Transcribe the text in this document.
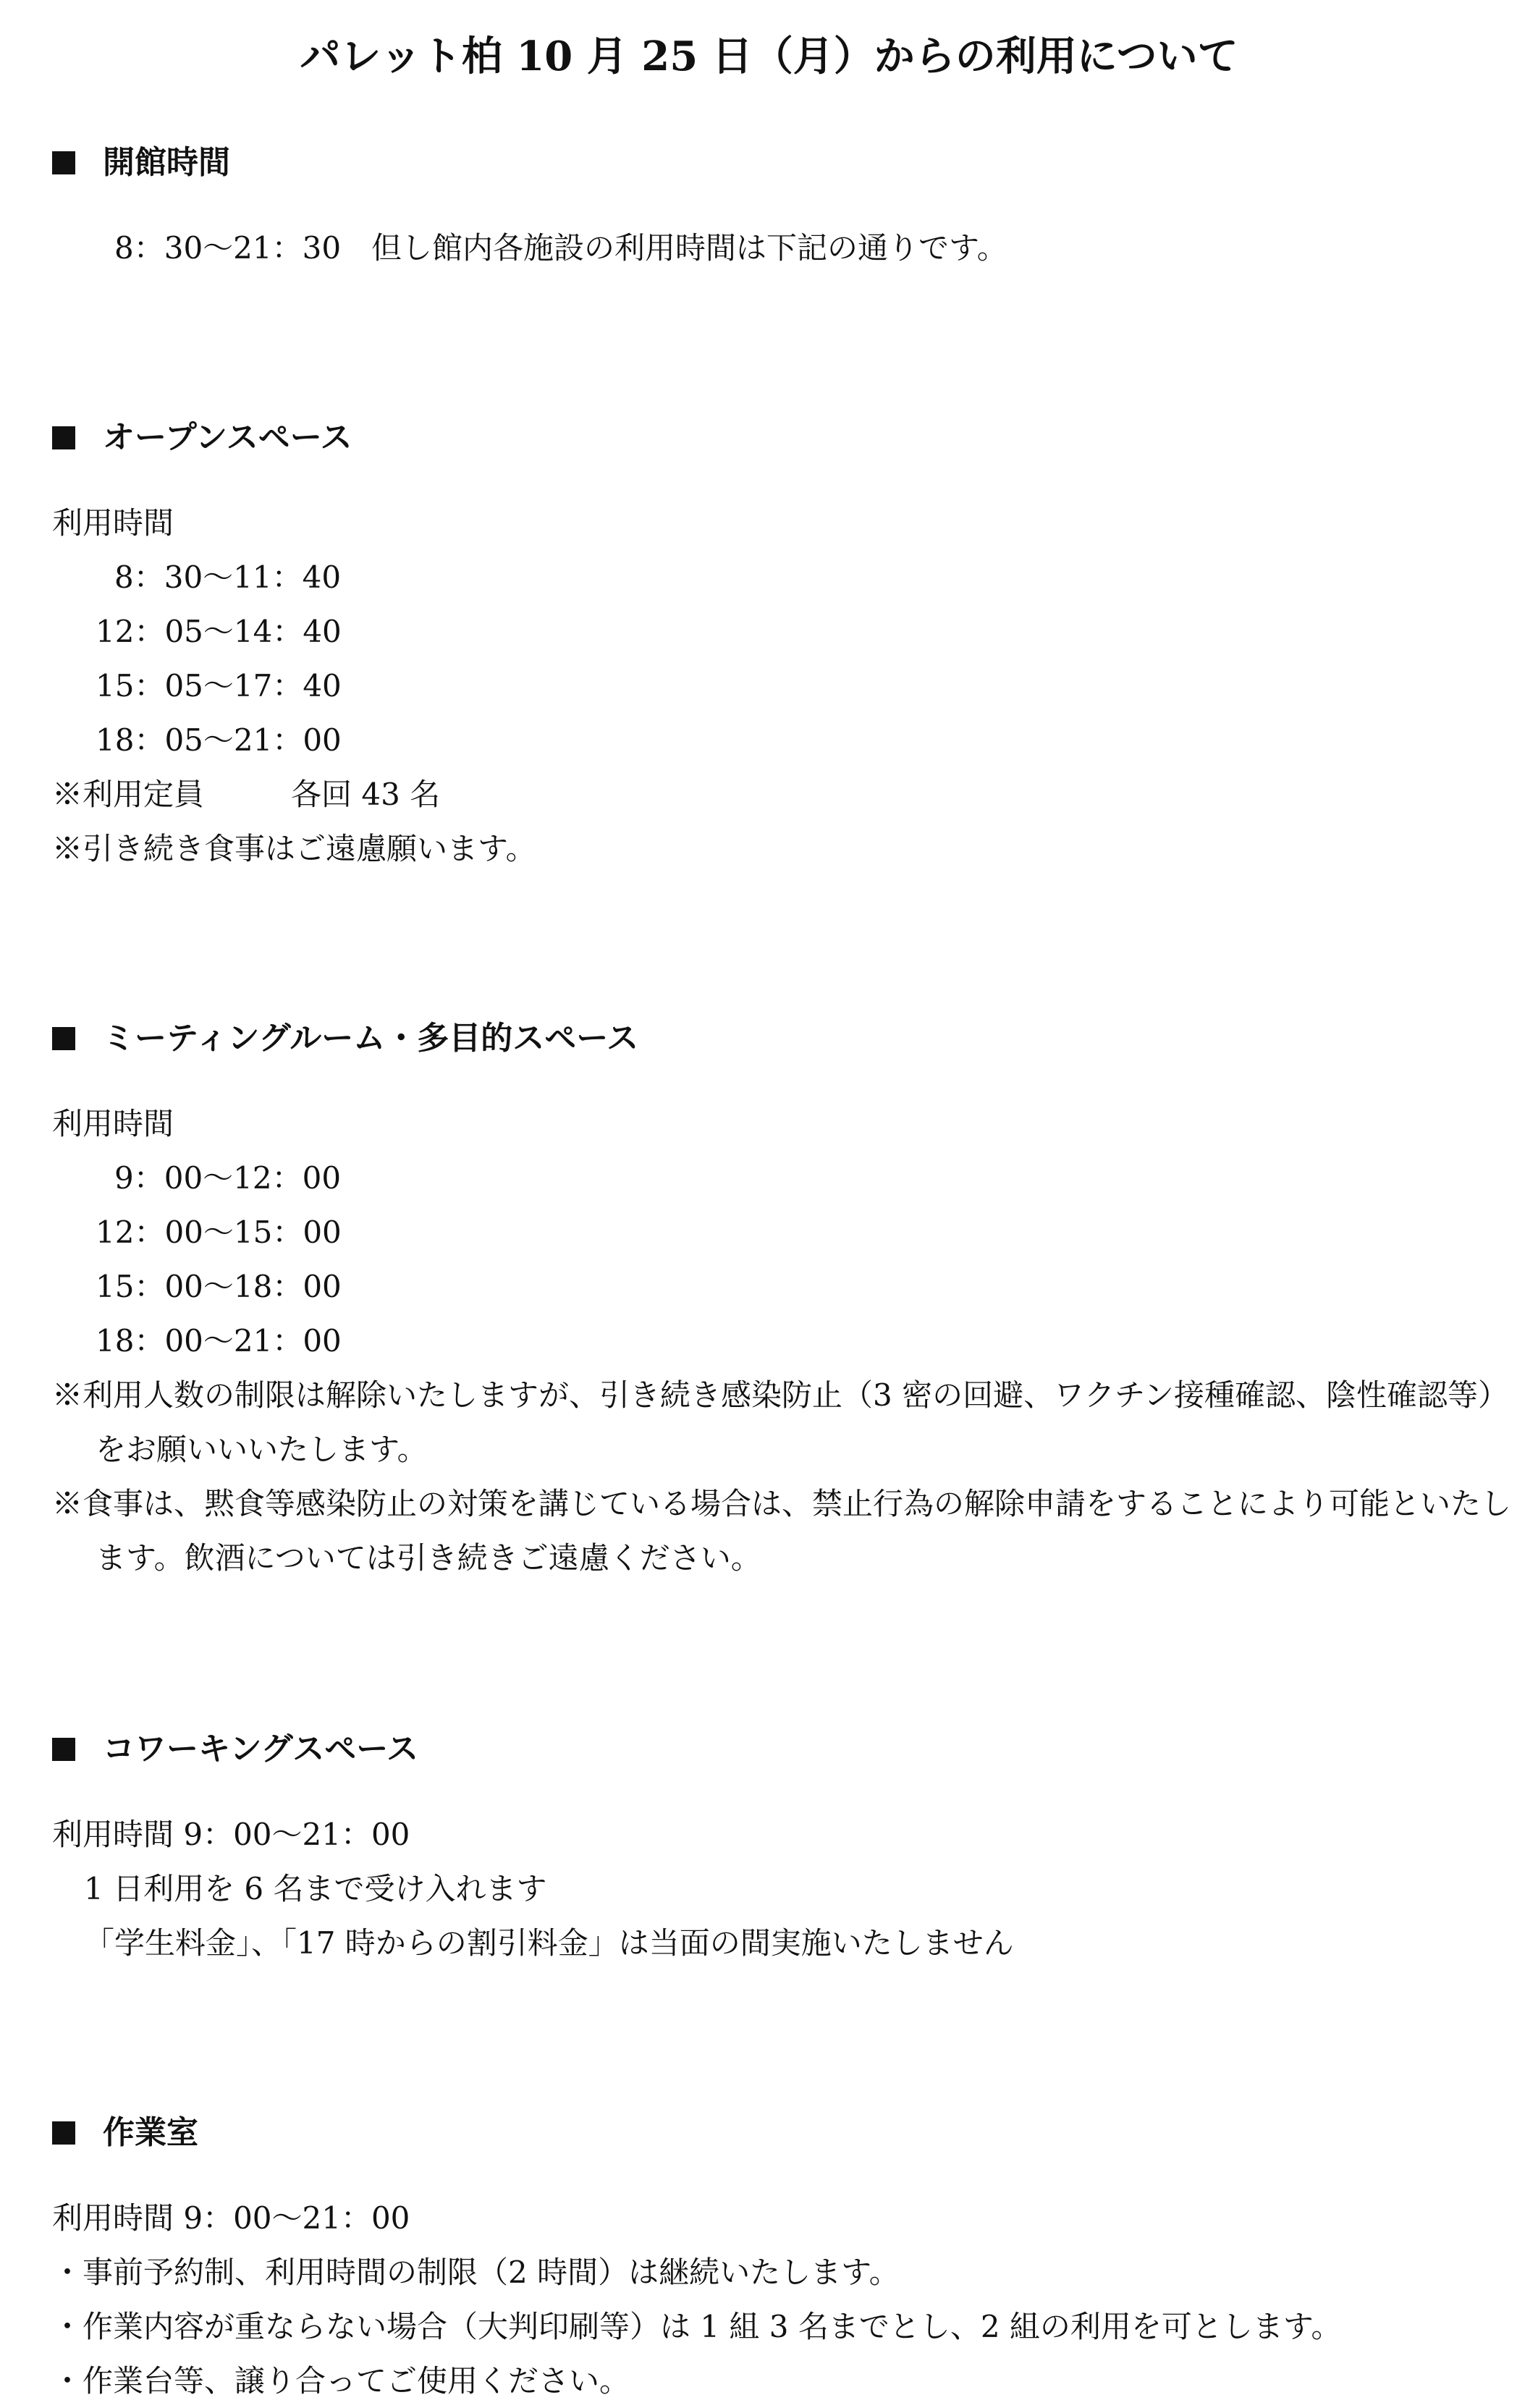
パレット柏 10 月 25 日（月）からの利用について

開館時間

8：30〜21：30　但し館内各施設の利用時間は下記の通りです。

オープンスペース

利用時間

8：30〜11：40

12：05〜14：40

15：05〜17：40

18：05〜21：00

※利用定員	各回 43 名

※引き続き食事はご遠慮願います。

ミーティングルーム・多目的スペース

利用時間

9：00〜12：00

12：00〜15：00

15：00〜18：00

18：00〜21：00

※利用人数の制限は解除いたしますが、引き続き感染防止（3 密の回避、ワクチン接種確認、陰性確認等）をお願いいいたします。

※食事は、黙食等感染防止の対策を講じている場合は、禁止行為の解除申請をすることにより可能といたします。飲酒については引き続きご遠慮ください。

コワーキングスペース

利用時間 9：00〜21：00

1 日利用を 6 名まで受け入れます

「学生料金」、「17 時からの割引料金」は当面の間実施いたしません

作業室

利用時間 9：00〜21：00

・事前予約制、利用時間の制限（2 時間）は継続いたします。

・作業内容が重ならない場合（大判印刷等）は 1 組 3 名までとし、2 組の利用を可とします。

・作業台等、譲り合ってご使用ください。
